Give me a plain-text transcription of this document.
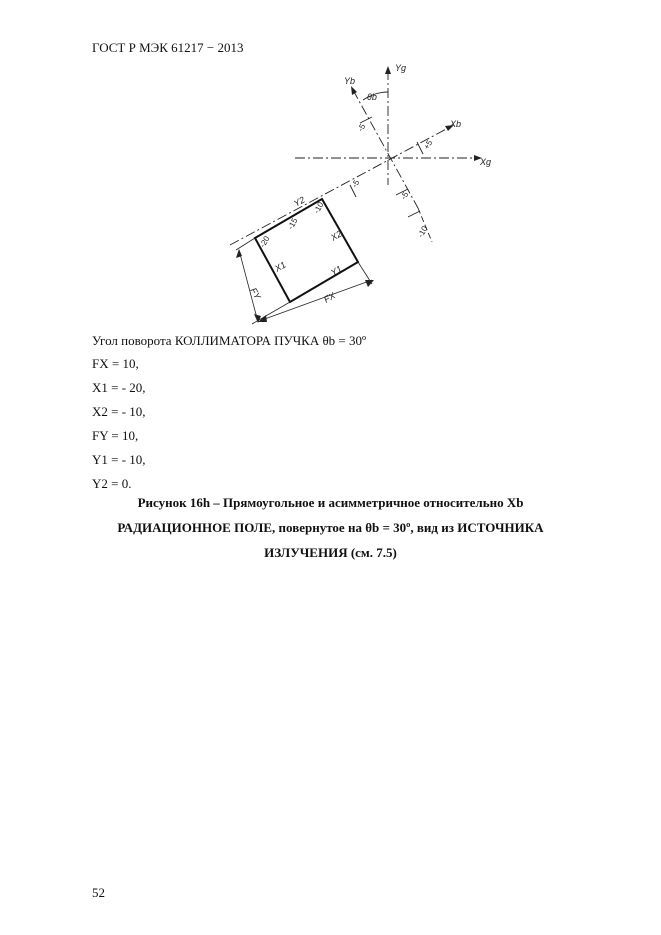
ГОСТ Р МЭК 61217 − 2013
Yg
Xg
Yb
Xb
θb
-5
+5
-5
-5
-10
-10
-15
-20
Y2
X2
X1	Y1
FX
FY
Угол поворота КОЛЛИМАТОРА ПУЧКА θb = 30º
FX = 10,
X1 = - 20,
X2 = - 10,
FY = 10,
Y1 = - 10,
Y2 = 0.
Рисунок 16h – Прямоугольное и асимметричное относительно Xb
РАДИАЦИОННОЕ ПОЛЕ, повернутое на θb = 30º, вид из ИСТОЧНИКА
ИЗЛУЧЕНИЯ (см. 7.5)
52
